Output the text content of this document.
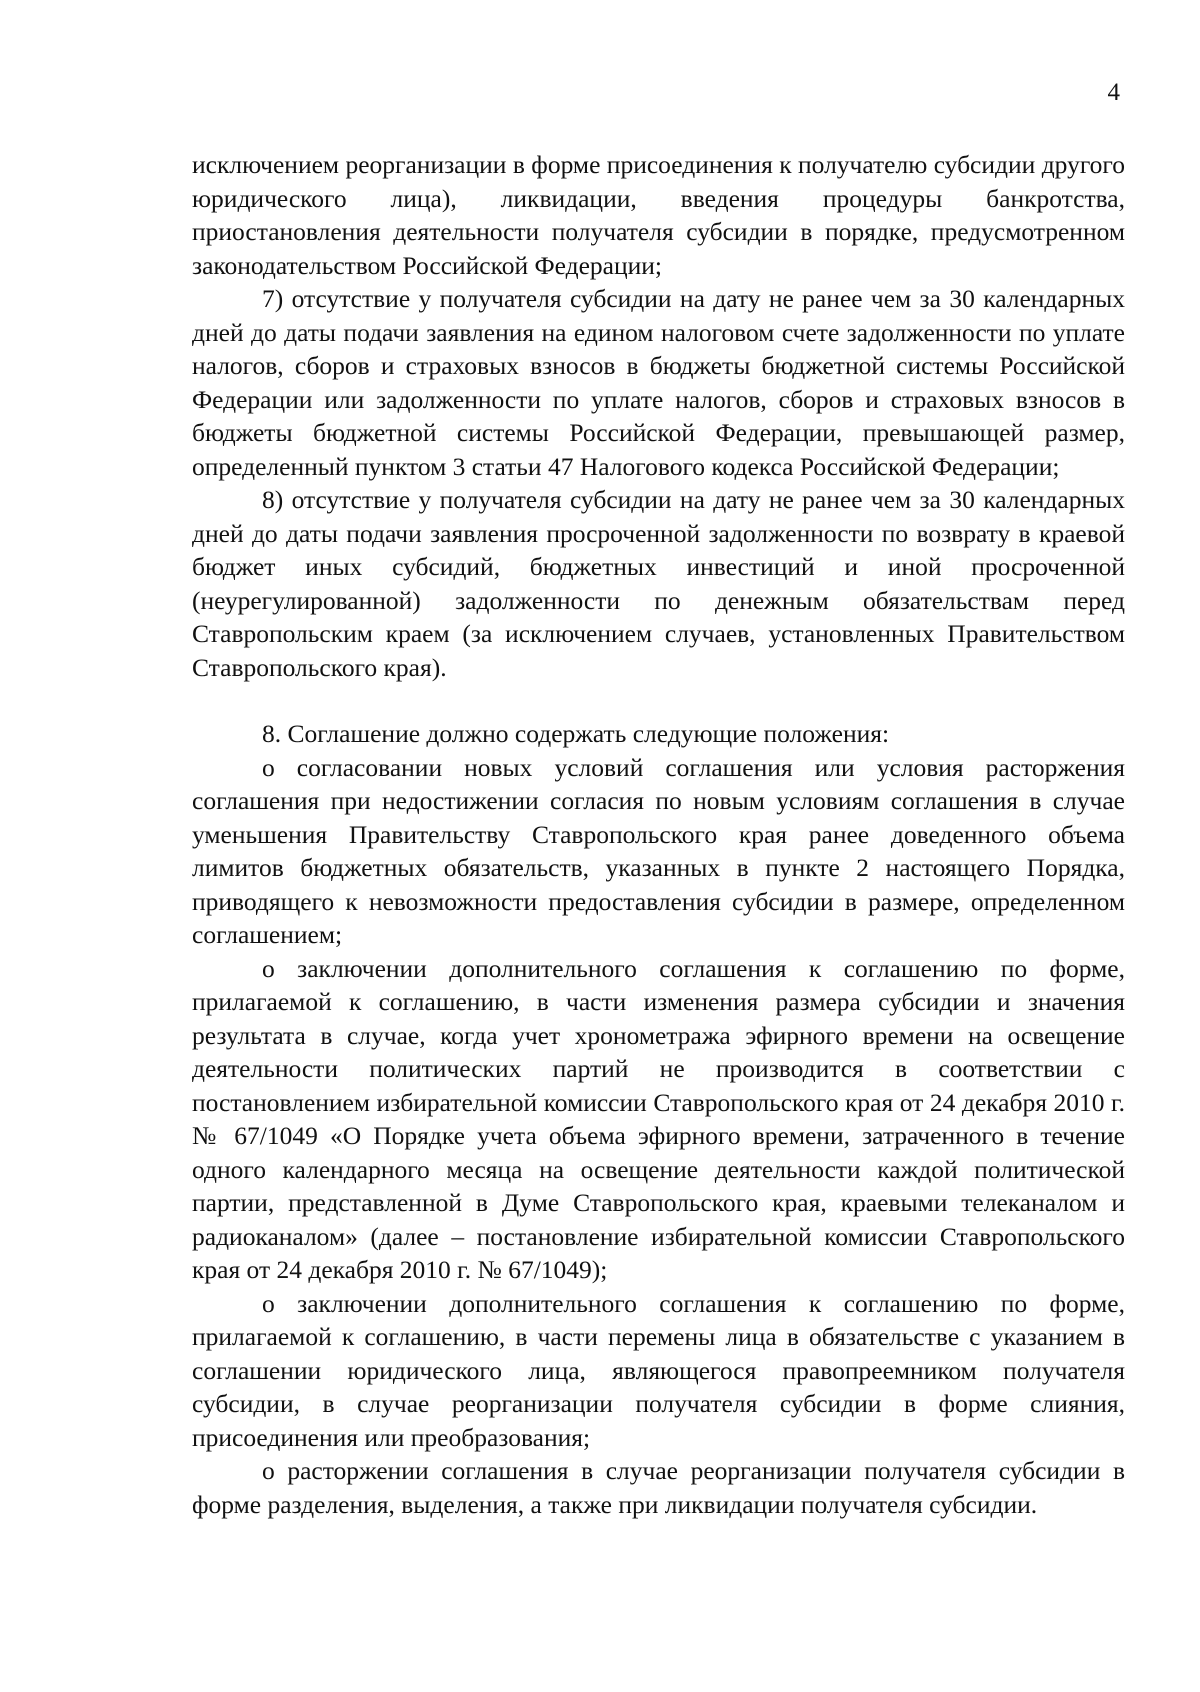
4

исключением реорганизации в форме присоединения к получателю субсидии другого юридического лица), ликвидации, введения процедуры банкротства, приостановления деятельности получателя субсидии в порядке, предусмотренном законодательством Российской Федерации;

7) отсутствие у получателя субсидии на дату не ранее чем за 30 календарных дней до даты подачи заявления на едином налоговом счете задолженности по уплате налогов, сборов и страховых взносов в бюджеты бюджетной системы Российской Федерации или задолженности по уплате налогов, сборов и страховых взносов в бюджеты бюджетной системы Российской Федерации, превышающей размер, определенный пунктом 3 статьи 47 Налогового кодекса Российской Федерации;

8) отсутствие у получателя субсидии на дату не ранее чем за 30 календарных дней до даты подачи заявления просроченной задолженности по возврату в краевой бюджет иных субсидий, бюджетных инвестиций и иной просроченной (неурегулированной) задолженности по денежным обязательствам перед Ставропольским краем (за исключением случаев, установленных Правительством Ставропольского края).

8. Соглашение должно содержать следующие положения:

о согласовании новых условий соглашения или условия расторжения соглашения при недостижении согласия по новым условиям соглашения в случае уменьшения Правительству Ставропольского края ранее доведенного объема лимитов бюджетных обязательств, указанных в пункте 2 настоящего Порядка, приводящего к невозможности предоставления субсидии в размере, определенном соглашением;

о заключении дополнительного соглашения к соглашению по форме, прилагаемой к соглашению, в части изменения размера субсидии и значения результата в случае, когда учет хронометража эфирного времени на освещение деятельности политических партий не производится в соответствии с постановлением избирательной комиссии Ставропольского края от 24 декабря 2010 г. № 67/1049 «О Порядке учета объема эфирного времени, затраченного в течение одного календарного месяца на освещение деятельности каждой политической партии, представленной в Думе Ставропольского края, краевыми телеканалом и радиоканалом» (далее – постановление избирательной комиссии Ставропольского края от 24 декабря 2010 г. № 67/1049);

о заключении дополнительного соглашения к соглашению по форме, прилагаемой к соглашению, в части перемены лица в обязательстве с указанием в соглашении юридического лица, являющегося правопреемником получателя субсидии, в случае реорганизации получателя субсидии в форме слияния, присоединения или преобразования;

о расторжении соглашения в случае реорганизации получателя субсидии в форме разделения, выделения, а также при ликвидации получателя субсидии.
